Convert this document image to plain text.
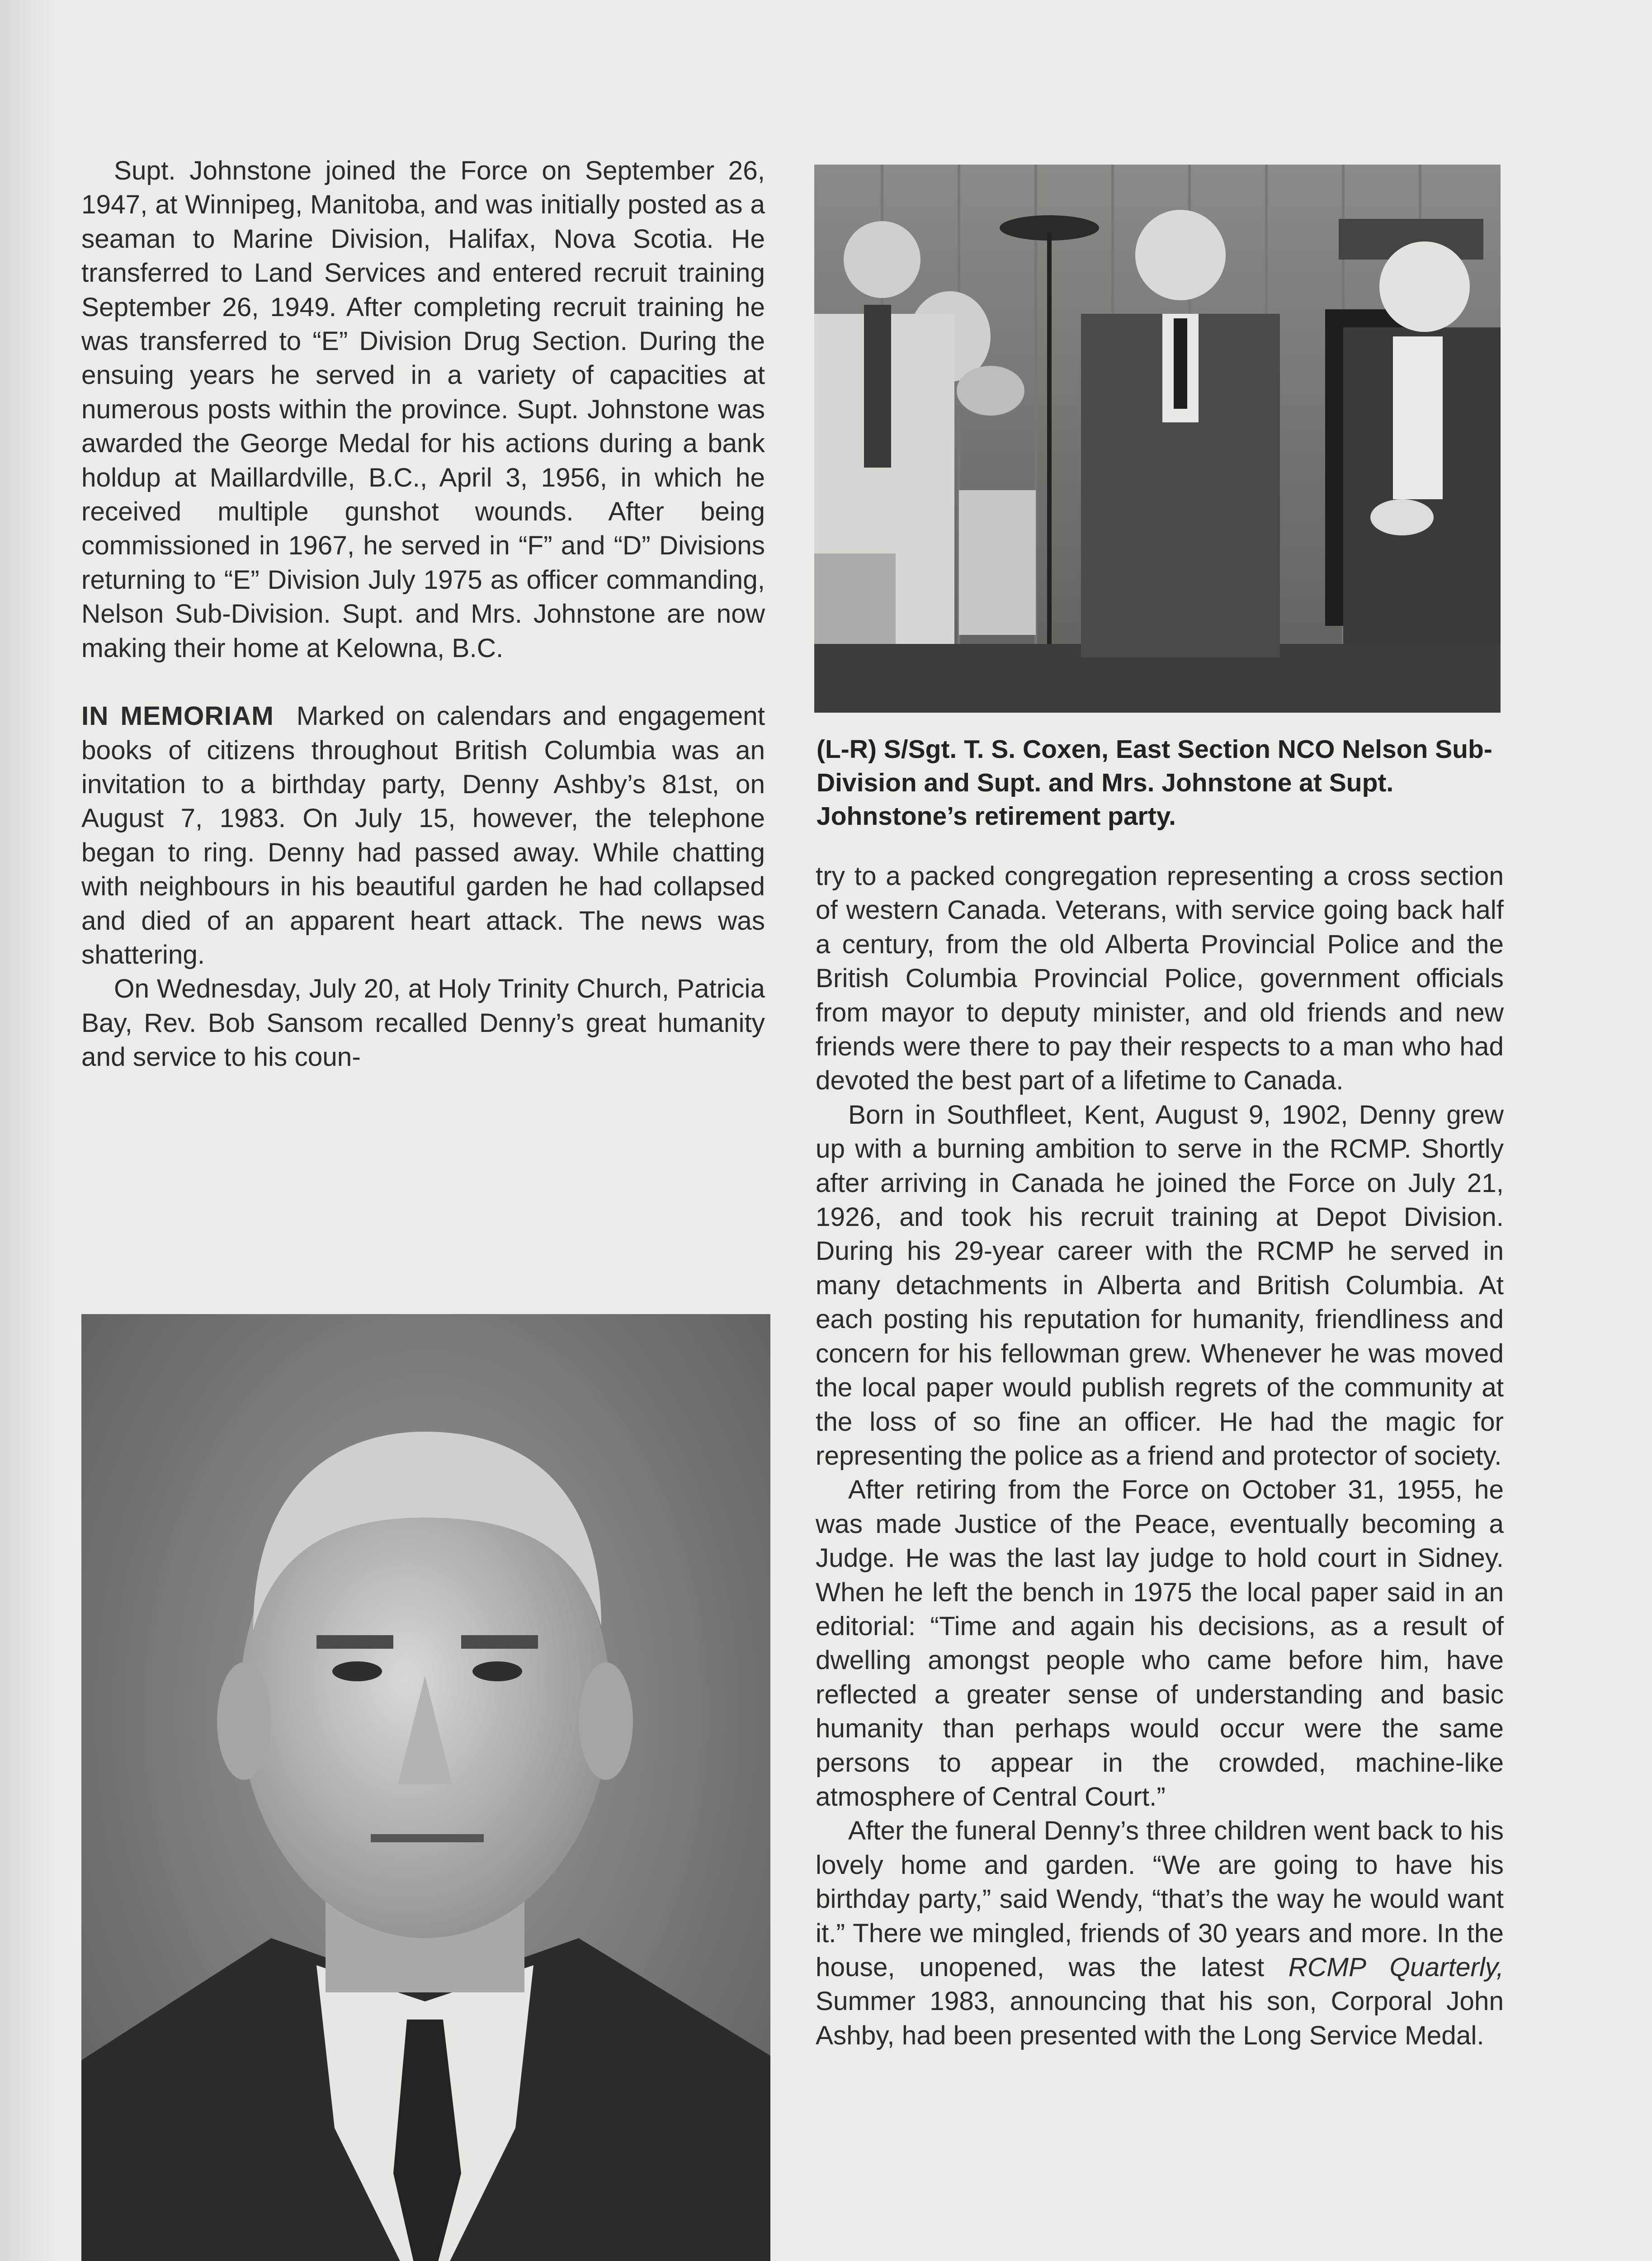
Supt. Johnstone joined the Force on September 26, 1947, at Winnipeg, Manitoba, and was initially posted as a seaman to Marine Division, Halifax, Nova Scotia. He transferred to Land Services and entered recruit training September 26, 1949. After completing recruit training he was transferred to “E” Division Drug Section. During the ensuing years he served in a variety of capacities at numerous posts within the province. Supt. Johnstone was awarded the George Medal for his actions during a bank holdup at Maillardville, B.C., April 3, 1956, in which he received multiple gunshot wounds. After being commissioned in 1967, he served in “F” and “D” Divisions returning to “E” Division July 1975 as officer commanding, Nelson Sub-Division. Supt. and Mrs. Johnstone are now making their home at Kelowna, B.C.

IN MEMORIAM Marked on calendars and engagement books of citizens throughout British Columbia was an invitation to a birthday party, Denny Ashby’s 81st, on August 7, 1983. On July 15, however, the telephone began to ring. Denny had passed away. While chatting with neighbours in his beautiful garden he had collapsed and died of an apparent heart attack. The news was shattering.

On Wednesday, July 20, at Holy Trinity Church, Patricia Bay, Rev. Bob Sansom recalled Denny’s great humanity and service to his coun-

(L-R) S/Sgt. T. S. Coxen, East Section NCO Nelson Sub-Division and Supt. and Mrs. Johnstone at Supt. Johnstone’s retirement party.

try to a packed congregation representing a cross section of western Canada. Veterans, with service going back half a century, from the old Alberta Provincial Police and the British Columbia Provincial Police, government officials from mayor to deputy minister, and old friends and new friends were there to pay their respects to a man who had devoted the best part of a lifetime to Canada.

Born in Southfleet, Kent, August 9, 1902, Denny grew up with a burning ambition to serve in the RCMP. Shortly after arriving in Canada he joined the Force on July 21, 1926, and took his recruit training at Depot Division. During his 29-year career with the RCMP he served in many detachments in Alberta and British Columbia. At each posting his reputation for humanity, friendliness and concern for his fellowman grew. Whenever he was moved the local paper would publish regrets of the community at the loss of so fine an officer. He had the magic for representing the police as a friend and protector of society.

After retiring from the Force on October 31, 1955, he was made Justice of the Peace, eventually becoming a Judge. He was the last lay judge to hold court in Sidney. When he left the bench in 1975 the local paper said in an editorial: “Time and again his decisions, as a result of dwelling amongst people who came before him, have reflected a greater sense of understanding and basic humanity than perhaps would occur were the same persons to appear in the crowded, machine-like atmosphere of Central Court.”

After the funeral Denny’s three children went back to his lovely home and garden. “We are going to have his birthday party,” said Wendy, “that’s the way he would want it.” There we mingled, friends of 30 years and more. In the house, unopened, was the latest RCMP Quarterly, Summer 1983, announcing that his son, Corporal John Ashby, had been presented with the Long Service Medal.
